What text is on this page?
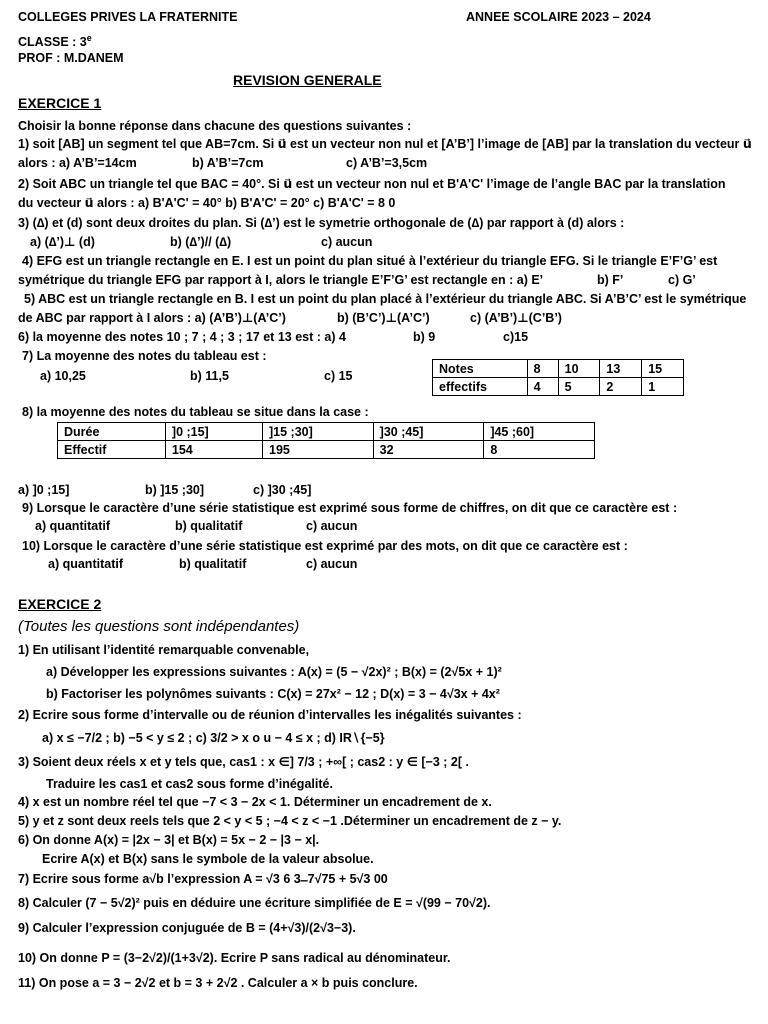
COLLEGES PRIVES LA FRATERNITE	ANNEE SCOLAIRE 2023 – 2024
CLASSE : 3e
PROF : M.DANEM
REVISION GENERALE
EXERCICE 1
Choisir la bonne réponse dans chacune des questions suivantes :
1) soit [AB] un segment tel que AB=7cm. Si u⃗ est un vecteur non nul et [A’B’] l’image de [AB] par la translation du vecteur u⃗
alors : a) A’B’=14cm	b) A’B’=7cm	c) A’B’=3,5cm
2) Soit ABC un triangle tel que BAC = 40°. Si u⃗ est un vecteur non nul et B'A'C' l’image de l’angle BAC par la translation
du vecteur u⃗ alors : a) B'A'C' = 40° b) B'A'C' = 20° c) B'A'C' = 8 0
3) (∆) et (d) sont deux droites du plan. Si (∆’) est le symetrie orthogonale de (∆) par rapport à (d) alors :
a) (∆’)⊥ (d)	b) (∆’)// (∆)	c) aucun
4) EFG est un triangle rectangle en E. I est un point du plan situé à l’extérieur du triangle EFG. Si le triangle E’F’G’ est
symétrique du triangle EFG par rapport à I, alors le triangle E’F’G’ est rectangle en : a) E’	b) F’	c) G’
5) ABC est un triangle rectangle en B. I est un point du plan placé à l’extérieur du triangle ABC. Si A’B’C’ est le symétrique
de ABC par rapport à I alors : a) (A’B’)⊥(A’C’)	b) (B’C’)⊥(A’C’)	c) (A’B’)⊥(C’B’)
6) la moyenne des notes 10 ; 7 ; 4 ; 3 ; 17 et 13 est : a) 4	b) 9	c)15
7) La moyenne des notes du tableau est :
a) 10,25	b) 11,5	c) 15
Notes	8	10	13	15
effectifs	4	5	2	1
8) la moyenne des notes du tableau se situe dans la case :
Durée	]0 ;15]	]15 ;30]	]30 ;45]	]45 ;60]
Effectif	154	195	32	8
a) ]0 ;15]	b) ]15 ;30]	c) ]30 ;45]
9) Lorsque le caractère d’une série statistique est exprimé sous forme de chiffres, on dit que ce caractère est :
a) quantitatif	b) qualitatif	c) aucun
10) Lorsque le caractère d’une série statistique est exprimé par des mots, on dit que ce caractère est :
a) quantitatif	b) qualitatif	c) aucun
EXERCICE 2
(Toutes les questions sont indépendantes)
1) En utilisant l’identité remarquable convenable,
a) Développer les expressions suivantes : A(x) = (5 − √2x)² ; B(x) = (2√5x + 1)²
b) Factoriser les polynômes suivants : C(x) = 27x² − 12 ; D(x) = 3 − 4√3x + 4x²
2) Ecrire sous forme d’intervalle ou de réunion d’intervalles les inégalités suivantes :
a) x ≤ −7/2 ; b) −5 < y ≤ 2 ; c) 3/2 > x o u − 4 ≤ x ; d) IR∖{−5}
3) Soient deux réels x et y tels que, cas1 : x ∈] 7/3 ; +∞[ ; cas2 : y ∈ [−3 ; 2[ .
Traduire les cas1 et cas2 sous forme d’inégalité.
4) x est un nombre réel tel que −7 < 3 − 2x < 1. Déterminer un encadrement de x.
5) y et z sont deux reels tels que 2 < y < 5 ; −4 < z < −1 .Déterminer un encadrement de z − y.
6) On donne A(x) = |2x − 3| et B(x) = 5x − 2 − |3 − x|.
Ecrire A(x) et B(x) sans le symbole de la valeur absolue.
7) Ecrire sous forme a√b l’expression A = √3 6 3 ̶ 7√75 + 5√3 00
8) Calculer (7 − 5√2)² puis en déduire une écriture simplifiée de E = √(99 − 70√2).
9) Calculer l’expression conjuguée de B = (4+√3)/(2√3−3).
10) On donne P = (3−2√2)/(1+3√2). Ecrire P sans radical au dénominateur.
11) On pose a = 3 − 2√2 et b = 3 + 2√2 . Calculer a × b puis conclure.
